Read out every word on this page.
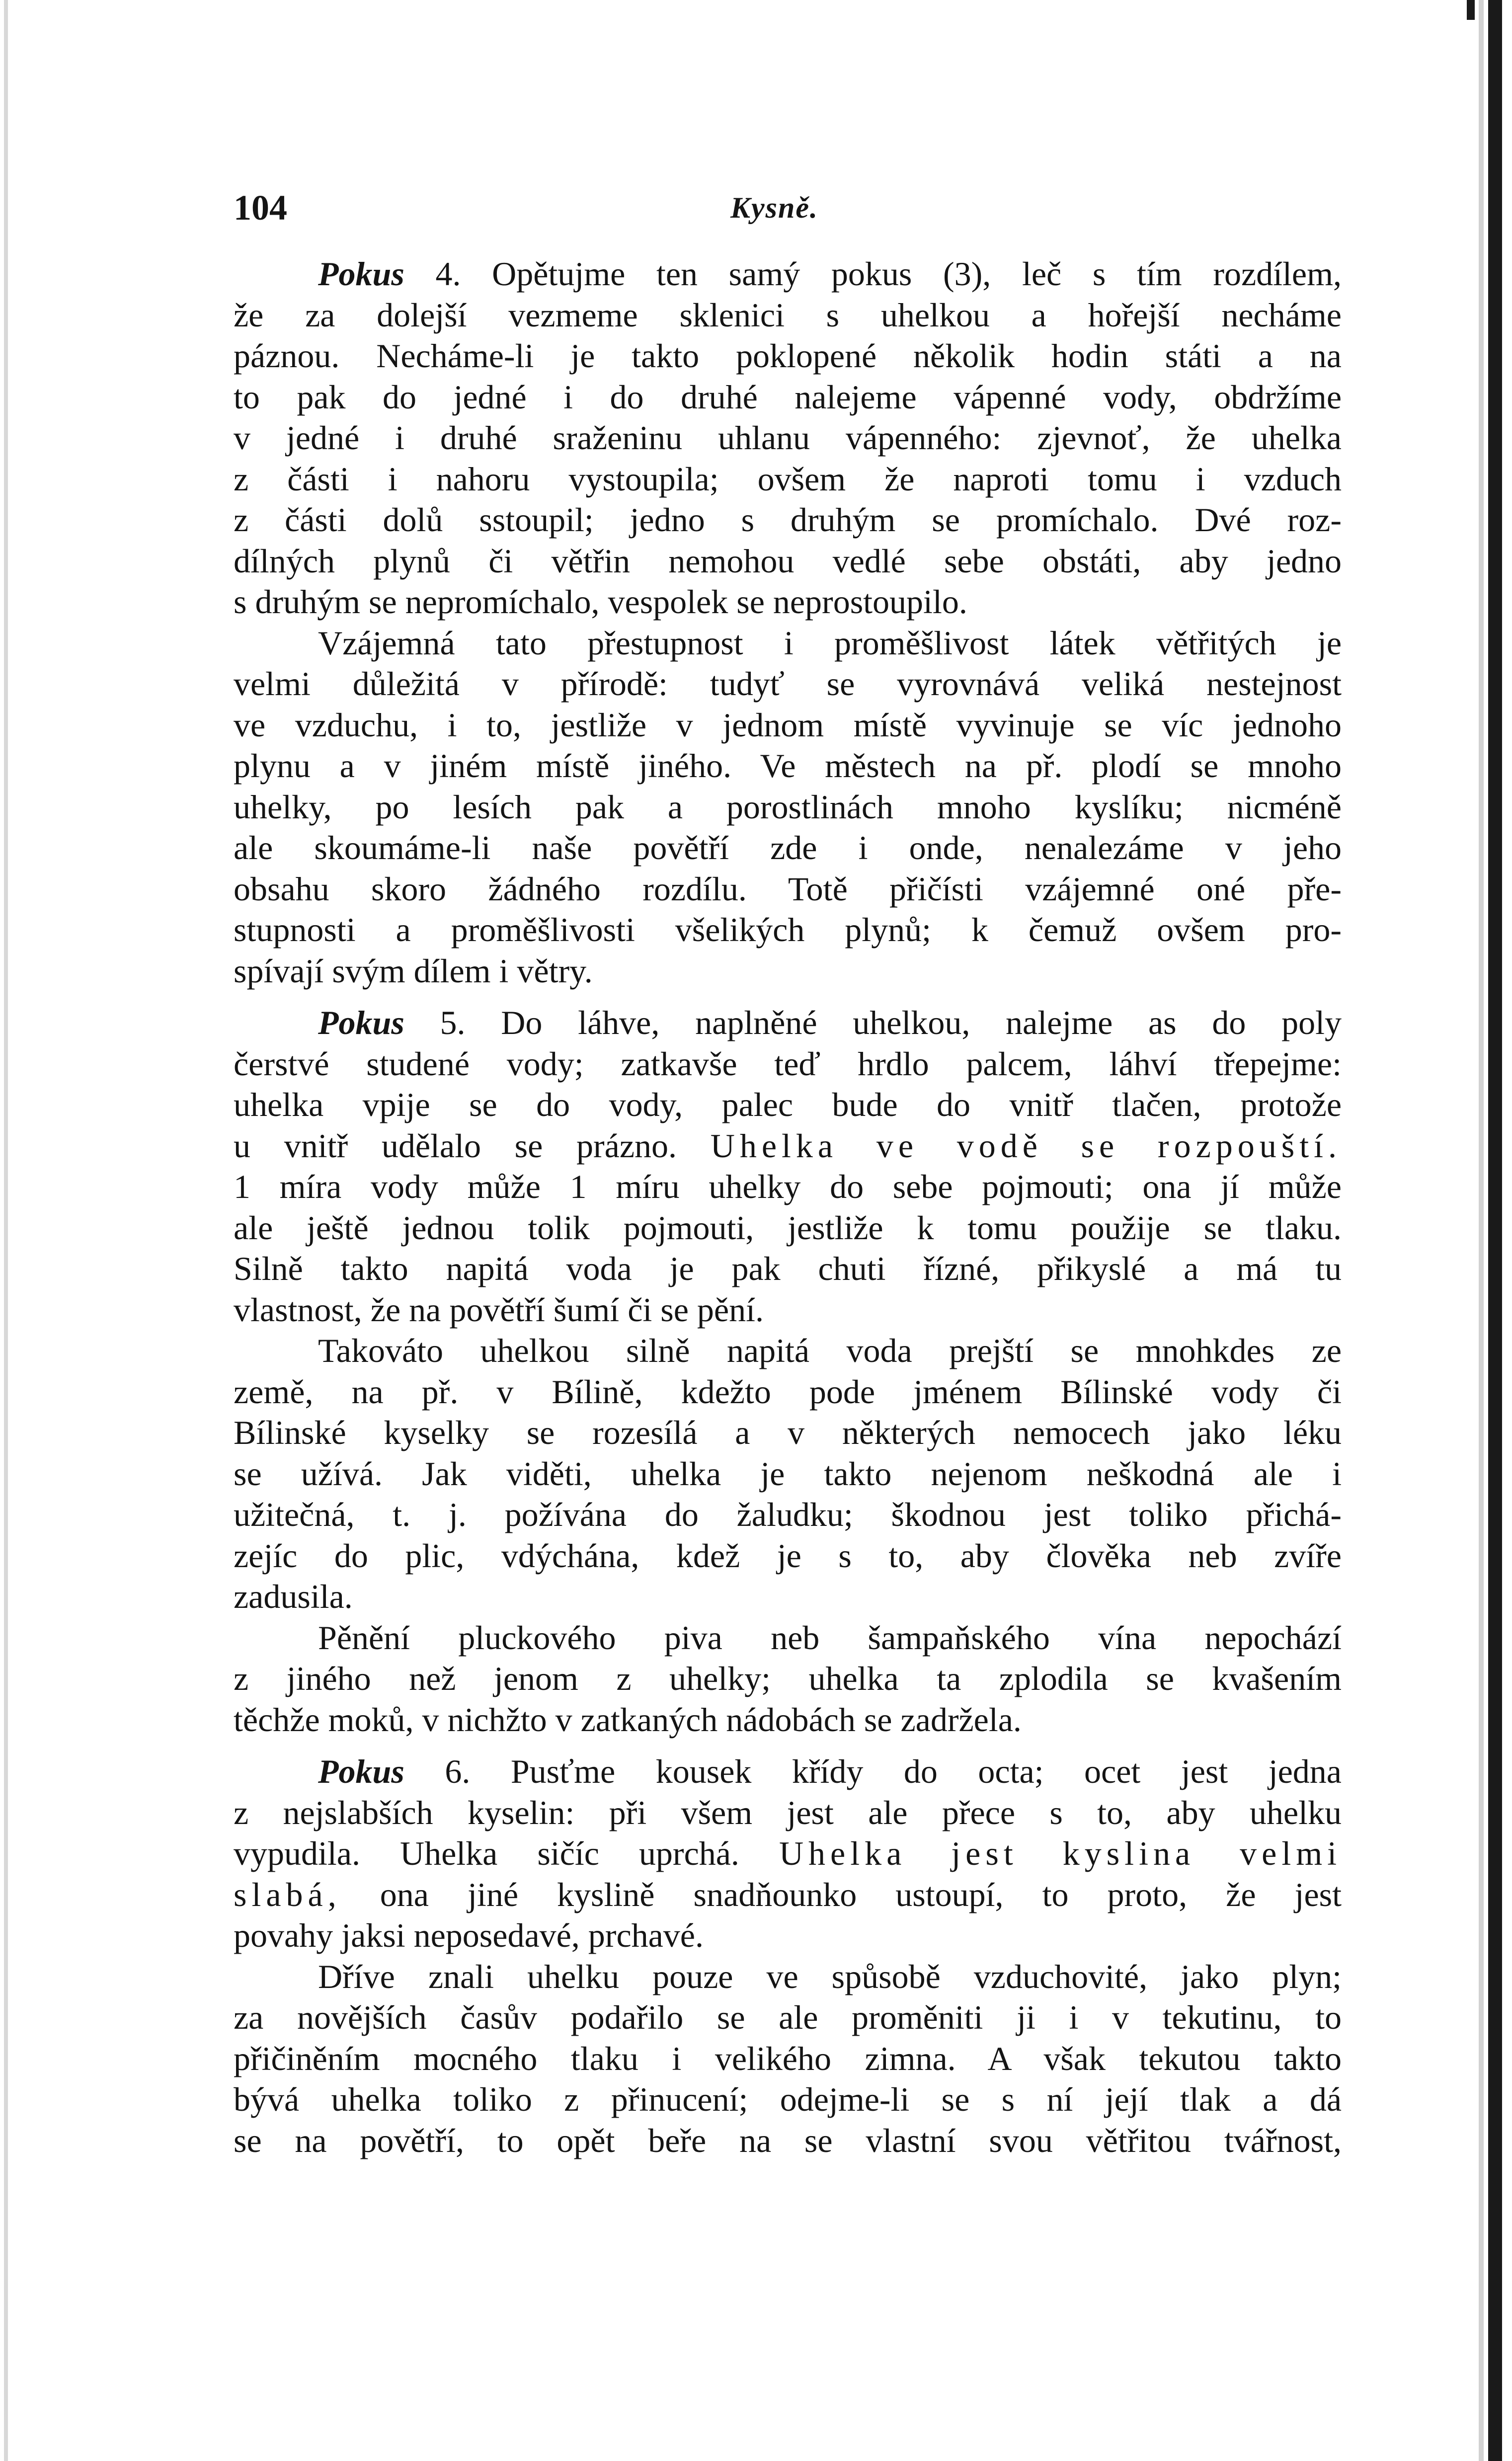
104	Kysně.

Pokus 4. Opětujme ten samý pokus (3), leč s tím rozdílem,
že za dolejší vezmeme sklenici s uhelkou a hořejší necháme
páznou. Necháme-li je takto poklopené několik hodin státi a na
to pak do jedné i do druhé nalejeme vápenné vody, obdržíme
v jedné i druhé sraženinu uhlanu vápenného: zjevnoť, že uhelka
z části i nahoru vystoupila; ovšem že naproti tomu i vzduch
z části dolů sstoupil; jedno s druhým se promíchalo. Dvé roz-
dílných plynů či větřin nemohou vedlé sebe obstáti, aby jedno
s druhým se nepromíchalo, vespolek se neprostoupilo.

Vzájemná tato přestupnost i proměšlivost látek větřitých je
velmi důležitá v přírodě: tudyť se vyrovnává veliká nestejnost
ve vzduchu, i to, jestliže v jednom místě vyvinuje se víc jednoho
plynu a v jiném místě jiného. Ve městech na př. plodí se mnoho
uhelky, po lesích pak a porostlinách mnoho kyslíku; nicméně
ale skoumáme-li naše povětří zde i onde, nenalezáme v jeho
obsahu skoro žádného rozdílu. Totě přičísti vzájemné oné pře-
stupnosti a proměšlivosti všelikých plynů; k čemuž ovšem pro-
spívají svým dílem i větry.

Pokus 5. Do láhve, naplněné uhelkou, nalejme as do poly
čerstvé studené vody; zatkavše teď hrdlo palcem, láhví třepejme:
uhelka vpije se do vody, palec bude do vnitř tlačen, protože
u vnitř udělalo se prázno. Uhelka ve vodě se rozpouští.
1 míra vody může 1 míru uhelky do sebe pojmouti; ona jí může
ale ještě jednou tolik pojmouti, jestliže k tomu použije se tlaku.
Silně takto napitá voda je pak chuti řízné, přikyslé a má tu
vlastnost, že na povětří šumí či se pění.

Takováto uhelkou silně napitá voda prejští se mnohkdes ze
země, na př. v Bílině, kdežto pode jménem Bílinské vody či
Bílinské kyselky se rozesílá a v některých nemocech jako léku
se užívá. Jak viděti, uhelka je takto nejenom neškodná ale i
užitečná, t. j. požívána do žaludku; škodnou jest toliko přichá-
zejíc do plic, vdýchána, kdež je s to, aby člověka neb zvíře
zadusila.

Pěnění pluckového piva neb šampaňského vína nepochází
z jiného než jenom z uhelky; uhelka ta zplodila se kvašením
těchže moků, v nichžto v zatkaných nádobách se zadržela.

Pokus 6. Pusťme kousek křídy do octa; ocet jest jedna
z nejslabších kyselin: při všem jest ale přece s to, aby uhelku
vypudila. Uhelka sičíc uprchá. Uhelka jest kyslina velmi
slabá, ona jiné kyslině snadňounko ustoupí, to proto, že jest
povahy jaksi neposedavé, prchavé.

Dříve znali uhelku pouze ve spůsobě vzduchovité, jako plyn;
za novějších časův podařilo se ale proměniti ji i v tekutinu, to
přičiněním mocného tlaku i velikého zimna. A však tekutou takto
bývá uhelka toliko z přinucení; odejme-li se s ní její tlak a dá
se na povětří, to opět beře na se vlastní svou větřitou tvářnost,
